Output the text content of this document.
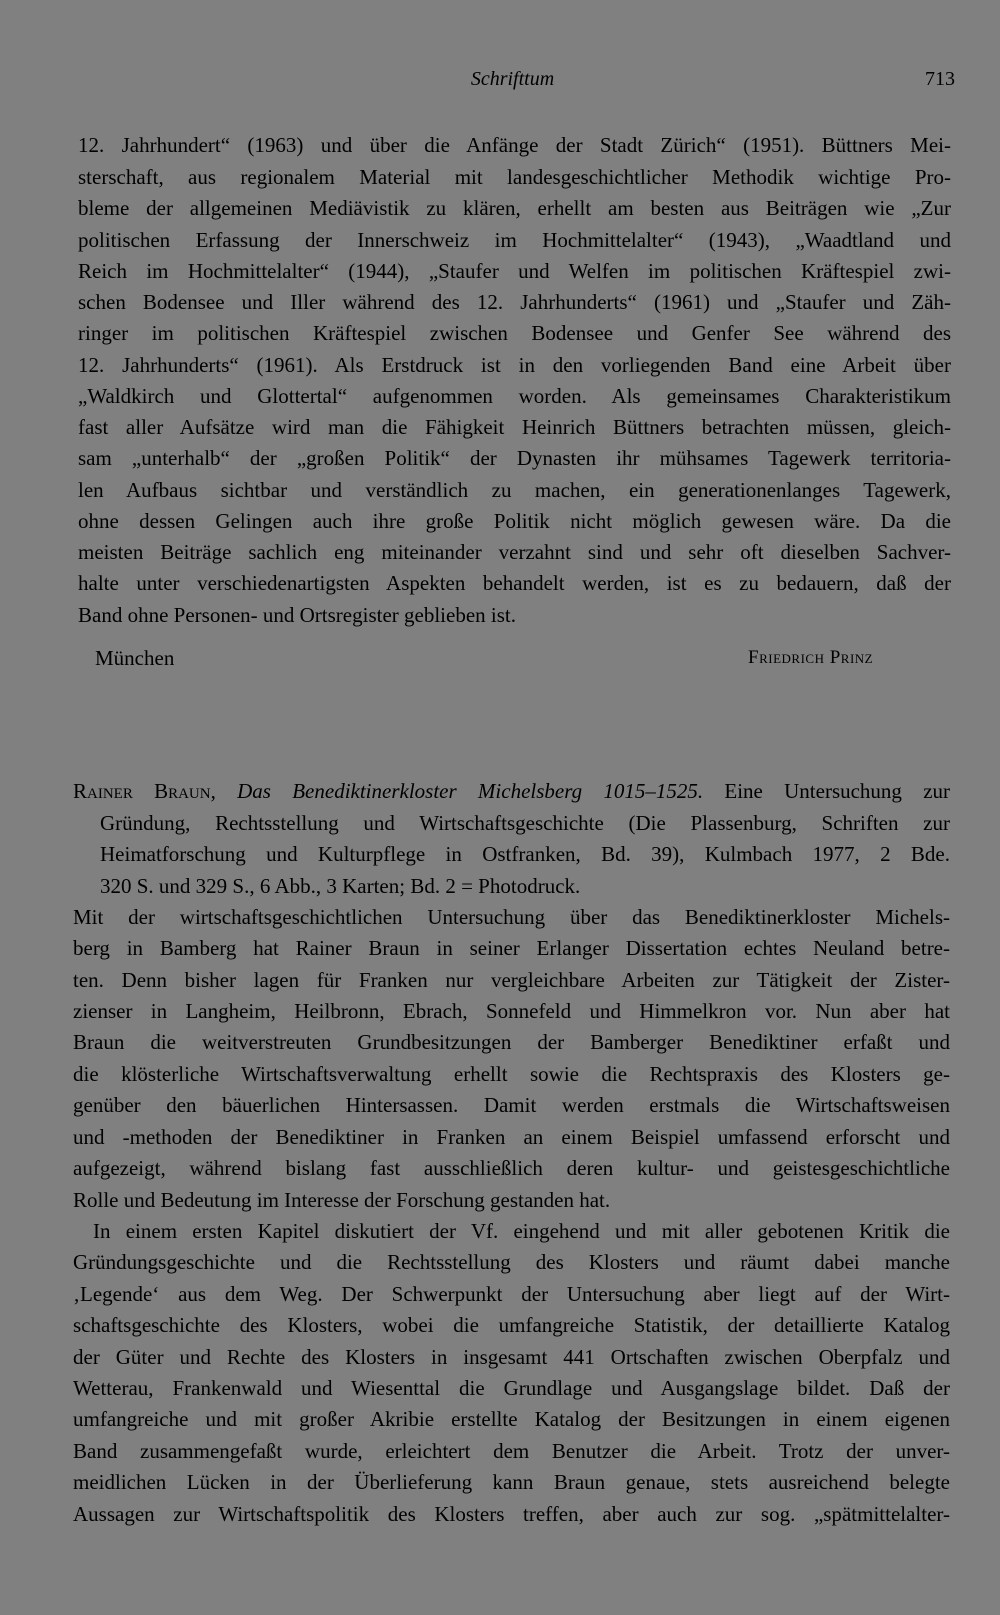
Schrifttum	713
12. Jahrhundert“ (1963) und über die Anfänge der Stadt Zürich“ (1951). Büttners Mei-
sterschaft, aus regionalem Material mit landesgeschichtlicher Methodik wichtige Pro-
bleme der allgemeinen Mediävistik zu klären, erhellt am besten aus Beiträgen wie „Zur
politischen Erfassung der Innerschweiz im Hochmittelalter“ (1943), „Waadtland und
Reich im Hochmittelalter“ (1944), „Staufer und Welfen im politischen Kräftespiel zwi-
schen Bodensee und Iller während des 12. Jahrhunderts“ (1961) und „Staufer und Zäh-
ringer im politischen Kräftespiel zwischen Bodensee und Genfer See während des
12. Jahrhunderts“ (1961). Als Erstdruck ist in den vorliegenden Band eine Arbeit über
„Waldkirch und Glottertal“ aufgenommen worden. Als gemeinsames Charakteristikum
fast aller Aufsätze wird man die Fähigkeit Heinrich Büttners betrachten müssen, gleich-
sam „unterhalb“ der „großen Politik“ der Dynasten ihr mühsames Tagewerk territoria-
len Aufbaus sichtbar und verständlich zu machen, ein generationenlanges Tagewerk,
ohne dessen Gelingen auch ihre große Politik nicht möglich gewesen wäre. Da die
meisten Beiträge sachlich eng miteinander verzahnt sind und sehr oft dieselben Sachver-
halte unter verschiedenartigsten Aspekten behandelt werden, ist es zu bedauern, daß der
Band ohne Personen- und Ortsregister geblieben ist.
München	Friedrich Prinz
Rainer Braun, Das Benediktinerkloster Michelsberg 1015–1525. Eine Untersuchung zur
Gründung, Rechtsstellung und Wirtschaftsgeschichte (Die Plassenburg, Schriften zur
Heimatforschung und Kulturpflege in Ostfranken, Bd. 39), Kulmbach 1977, 2 Bde.
320 S. und 329 S., 6 Abb., 3 Karten; Bd. 2 = Photodruck.
Mit der wirtschaftsgeschichtlichen Untersuchung über das Benediktinerkloster Michels-
berg in Bamberg hat Rainer Braun in seiner Erlanger Dissertation echtes Neuland betre-
ten. Denn bisher lagen für Franken nur vergleichbare Arbeiten zur Tätigkeit der Zister-
zienser in Langheim, Heilbronn, Ebrach, Sonnefeld und Himmelkron vor. Nun aber hat
Braun die weitverstreuten Grundbesitzungen der Bamberger Benediktiner erfaßt und
die klösterliche Wirtschaftsverwaltung erhellt sowie die Rechtspraxis des Klosters ge-
genüber den bäuerlichen Hintersassen. Damit werden erstmals die Wirtschaftsweisen
und -methoden der Benediktiner in Franken an einem Beispiel umfassend erforscht und
aufgezeigt, während bislang fast ausschließlich deren kultur- und geistesgeschichtliche
Rolle und Bedeutung im Interesse der Forschung gestanden hat.
In einem ersten Kapitel diskutiert der Vf. eingehend und mit aller gebotenen Kritik die
Gründungsgeschichte und die Rechtsstellung des Klosters und räumt dabei manche
‚Legende‘ aus dem Weg. Der Schwerpunkt der Untersuchung aber liegt auf der Wirt-
schaftsgeschichte des Klosters, wobei die umfangreiche Statistik, der detaillierte Katalog
der Güter und Rechte des Klosters in insgesamt 441 Ortschaften zwischen Oberpfalz und
Wetterau, Frankenwald und Wiesenttal die Grundlage und Ausgangslage bildet. Daß der
umfangreiche und mit großer Akribie erstellte Katalog der Besitzungen in einem eigenen
Band zusammengefaßt wurde, erleichtert dem Benutzer die Arbeit. Trotz der unver-
meidlichen Lücken in der Überlieferung kann Braun genaue, stets ausreichend belegte
Aussagen zur Wirtschaftspolitik des Klosters treffen, aber auch zur sog. „spätmittelalter-
